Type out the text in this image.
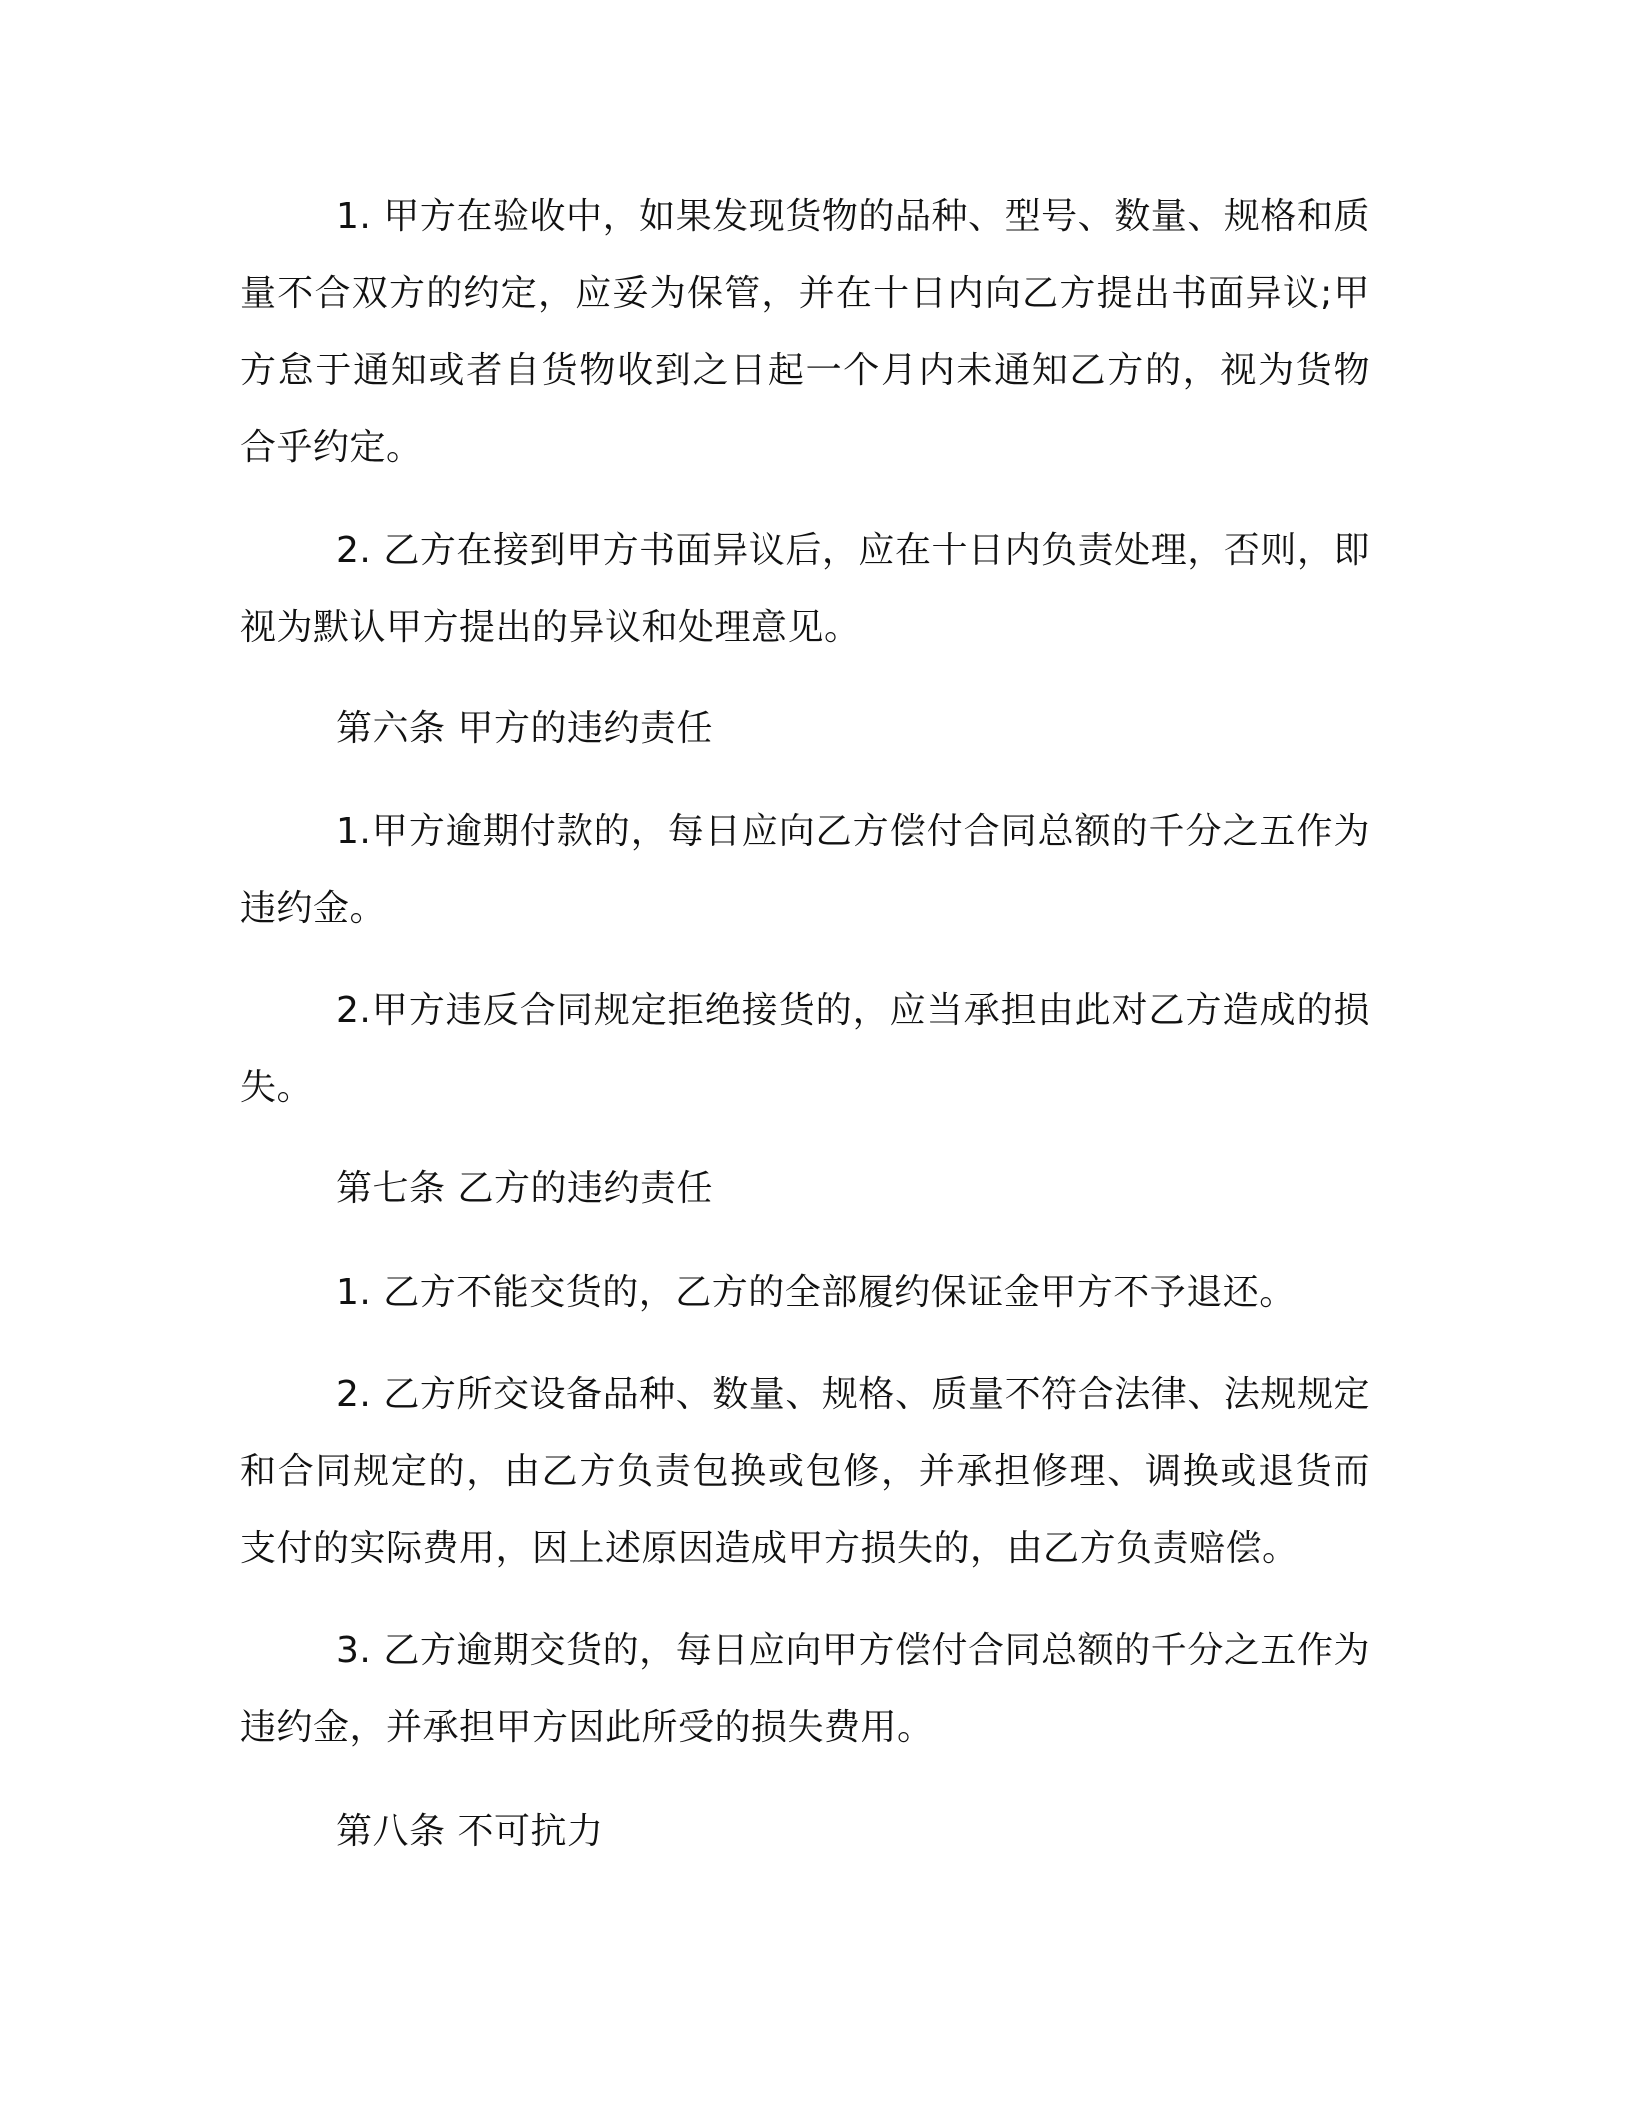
1. 甲方在验收中，如果发现货物的品种、型号、数量、规格和质量不合双方的约定，应妥为保管，并在十日内向乙方提出书面异议;甲方怠于通知或者自货物收到之日起一个月内未通知乙方的，视为货物合乎约定。

2. 乙方在接到甲方书面异议后，应在十日内负责处理，否则，即视为默认甲方提出的异议和处理意见。

第六条 甲方的违约责任

1.甲方逾期付款的，每日应向乙方偿付合同总额的千分之五作为违约金。

2.甲方违反合同规定拒绝接货的，应当承担由此对乙方造成的损失。

第七条 乙方的违约责任

1. 乙方不能交货的，乙方的全部履约保证金甲方不予退还。

2. 乙方所交设备品种、数量、规格、质量不符合法律、法规规定和合同规定的，由乙方负责包换或包修，并承担修理、调换或退货而支付的实际费用，因上述原因造成甲方损失的，由乙方负责赔偿。

3. 乙方逾期交货的，每日应向甲方偿付合同总额的千分之五作为违约金，并承担甲方因此所受的损失费用。

第八条 不可抗力
